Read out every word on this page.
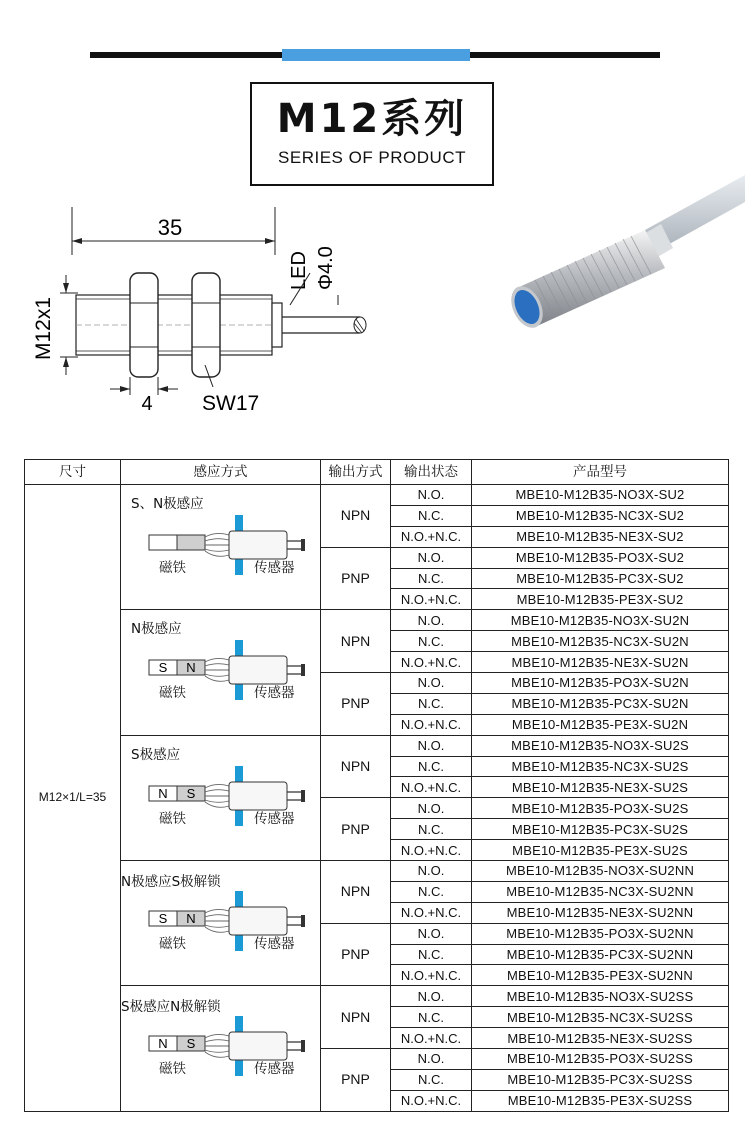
M12系列
SERIES OF PRODUCT
35
M12x1
LED Φ4.0
4 SW17
尺寸	感应方式	输出方式	输出状态	产品型号
M12×1/L=35	S、N极感应
磁铁 传感器	NPN	N.O.	MBE10-M12B35-NO3X-SU2
			N.C.	MBE10-M12B35-NC3X-SU2
			N.O.+N.C.	MBE10-M12B35-NE3X-SU2
		PNP	N.O.	MBE10-M12B35-PO3X-SU2
			N.C.	MBE10-M12B35-PC3X-SU2
			N.O.+N.C.	MBE10-M12B35-PE3X-SU2

	N极感应
S N
磁铁 传感器	NPN	N.O.	MBE10-M12B35-NO3X-SU2N
			N.C.	MBE10-M12B35-NC3X-SU2N
			N.O.+N.C.	MBE10-M12B35-NE3X-SU2N
		PNP	N.O.	MBE10-M12B35-PO3X-SU2N
			N.C.	MBE10-M12B35-PC3X-SU2N
			N.O.+N.C.	MBE10-M12B35-PE3X-SU2N

	S极感应
N S
磁铁 传感器	NPN	N.O.	MBE10-M12B35-NO3X-SU2S
			N.C.	MBE10-M12B35-NC3X-SU2S
			N.O.+N.C.	MBE10-M12B35-NE3X-SU2S
		PNP	N.O.	MBE10-M12B35-PO3X-SU2S
			N.C.	MBE10-M12B35-PC3X-SU2S
			N.O.+N.C.	MBE10-M12B35-PE3X-SU2S

	N极感应S极解锁
S N
磁铁 传感器	NPN	N.O.	MBE10-M12B35-NO3X-SU2NN
			N.C.	MBE10-M12B35-NC3X-SU2NN
			N.O.+N.C.	MBE10-M12B35-NE3X-SU2NN
		PNP	N.O.	MBE10-M12B35-PO3X-SU2NN
			N.C.	MBE10-M12B35-PC3X-SU2NN
			N.O.+N.C.	MBE10-M12B35-PE3X-SU2NN

	S极感应N极解锁
N S
磁铁 传感器	NPN	N.O.	MBE10-M12B35-NO3X-SU2SS
			N.C.	MBE10-M12B35-NC3X-SU2SS
			N.O.+N.C.	MBE10-M12B35-NE3X-SU2SS
		PNP	N.O.	MBE10-M12B35-PO3X-SU2SS
			N.C.	MBE10-M12B35-PC3X-SU2SS
			N.O.+N.C.	MBE10-M12B35-PE3X-SU2SS
